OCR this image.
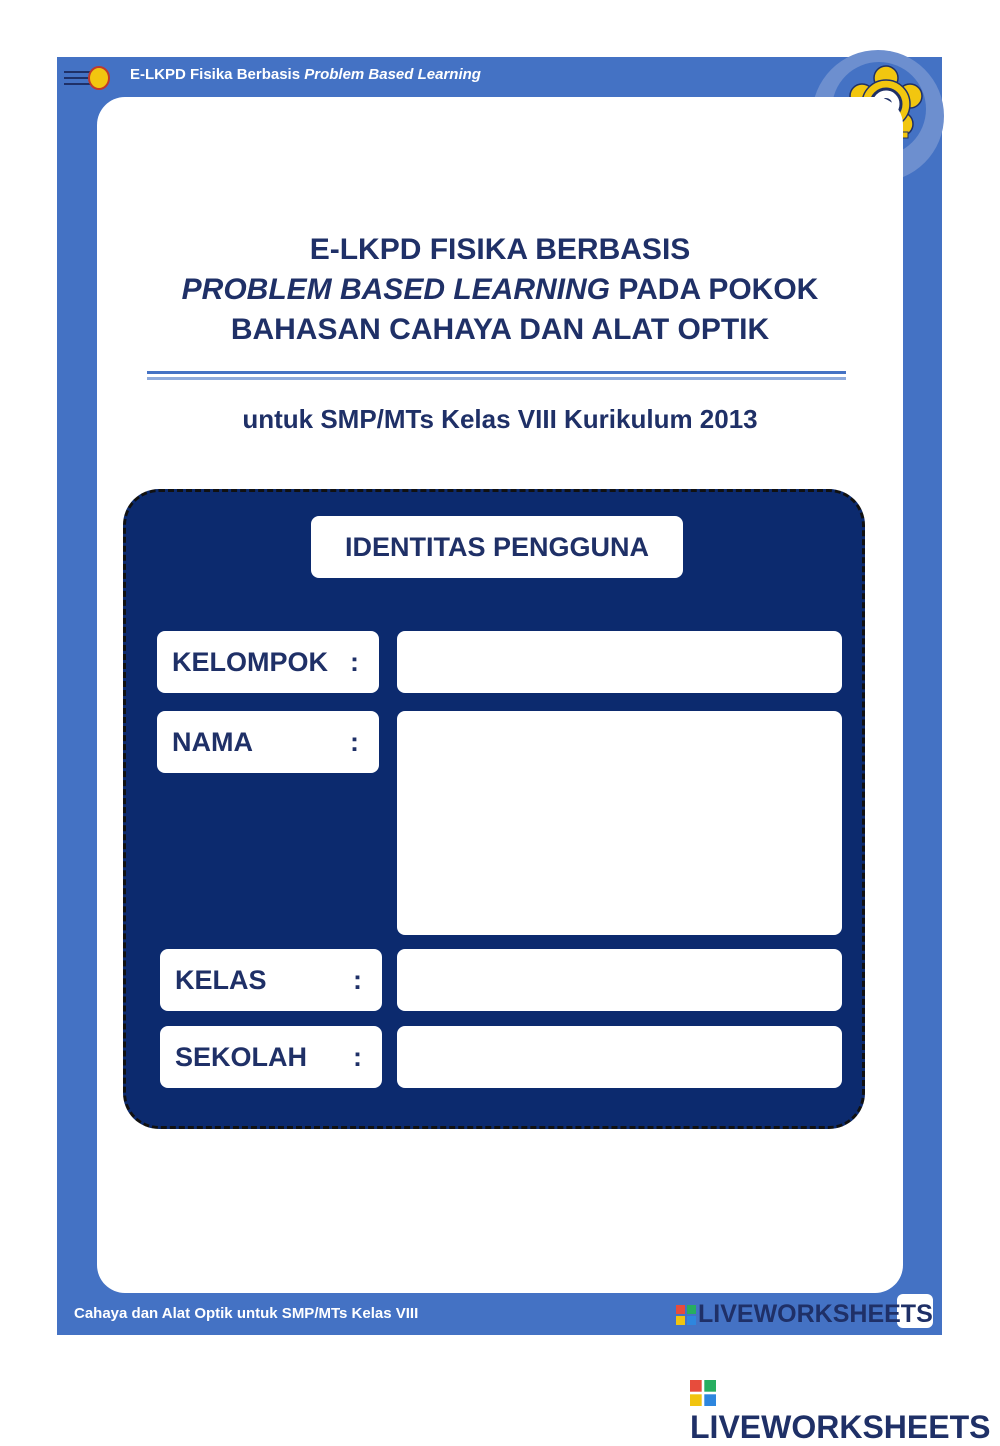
E-LKPD Fisika Berbasis Problem Based Learning
E-LKPD FISIKA BERBASIS
PROBLEM BASED LEARNING PADA POKOK
BAHASAN CAHAYA DAN ALAT OPTIK
untuk SMP/MTs Kelas VIII Kurikulum 2013
IDENTITAS PENGGUNA
KELOMPOK :
NAMA	:
KELAS	:
SEKOLAH :
Cahaya dan Alat Optik untuk SMP/MTs Kelas VIII	LIVEWORKSHEETS
LIVEWORKSHEETS
